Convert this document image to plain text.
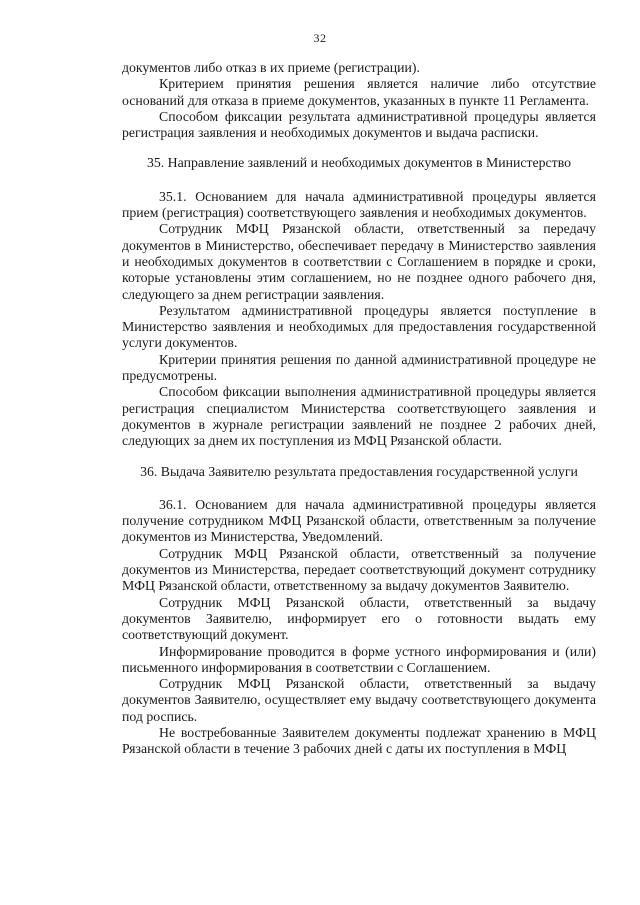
32

документов либо отказ в их приеме (регистрации).

Критерием принятия решения является наличие либо отсутствие оснований для отказа в приеме документов, указанных в пункте 11 Регламента.

Способом фиксации результата административной процедуры является регистрация заявления и необходимых документов и выдача расписки.

35. Направление заявлений и необходимых документов в Министерство

35.1. Основанием для начала административной процедуры является прием (регистрация) соответствующего заявления и необходимых документов.

Сотрудник МФЦ Рязанской области, ответственный за передачу документов в Министерство, обеспечивает передачу в Министерство заявления и необходимых документов в соответствии с Соглашением в порядке и сроки, которые установлены этим соглашением, но не позднее одного рабочего дня, следующего за днем регистрации заявления.

Результатом административной процедуры является поступление в Министерство заявления и необходимых для предоставления государственной услуги документов.

Критерии принятия решения по данной административной процедуре не предусмотрены.

Способом фиксации выполнения административной процедуры является регистрация специалистом Министерства соответствующего заявления и документов в журнале регистрации заявлений не позднее 2 рабочих дней, следующих за днем их поступления из МФЦ Рязанской области.

36. Выдача Заявителю результата предоставления государственной услуги

36.1. Основанием для начала административной процедуры является получение сотрудником МФЦ Рязанской области, ответственным за получение документов из Министерства, Уведомлений.

Сотрудник МФЦ Рязанской области, ответственный за получение документов из Министерства, передает соответствующий документ сотруднику МФЦ Рязанской области, ответственному за выдачу документов Заявителю.

Сотрудник МФЦ Рязанской области, ответственный за выдачу документов Заявителю, информирует его о готовности выдать ему соответствующий документ.

Информирование проводится в форме устного информирования и (или) письменного информирования в соответствии с Соглашением.

Сотрудник МФЦ Рязанской области, ответственный за выдачу документов Заявителю, осуществляет ему выдачу соответствующего документа под роспись.

Не востребованные Заявителем документы подлежат хранению в МФЦ Рязанской области в течение 3 рабочих дней с даты их поступления в МФЦ
